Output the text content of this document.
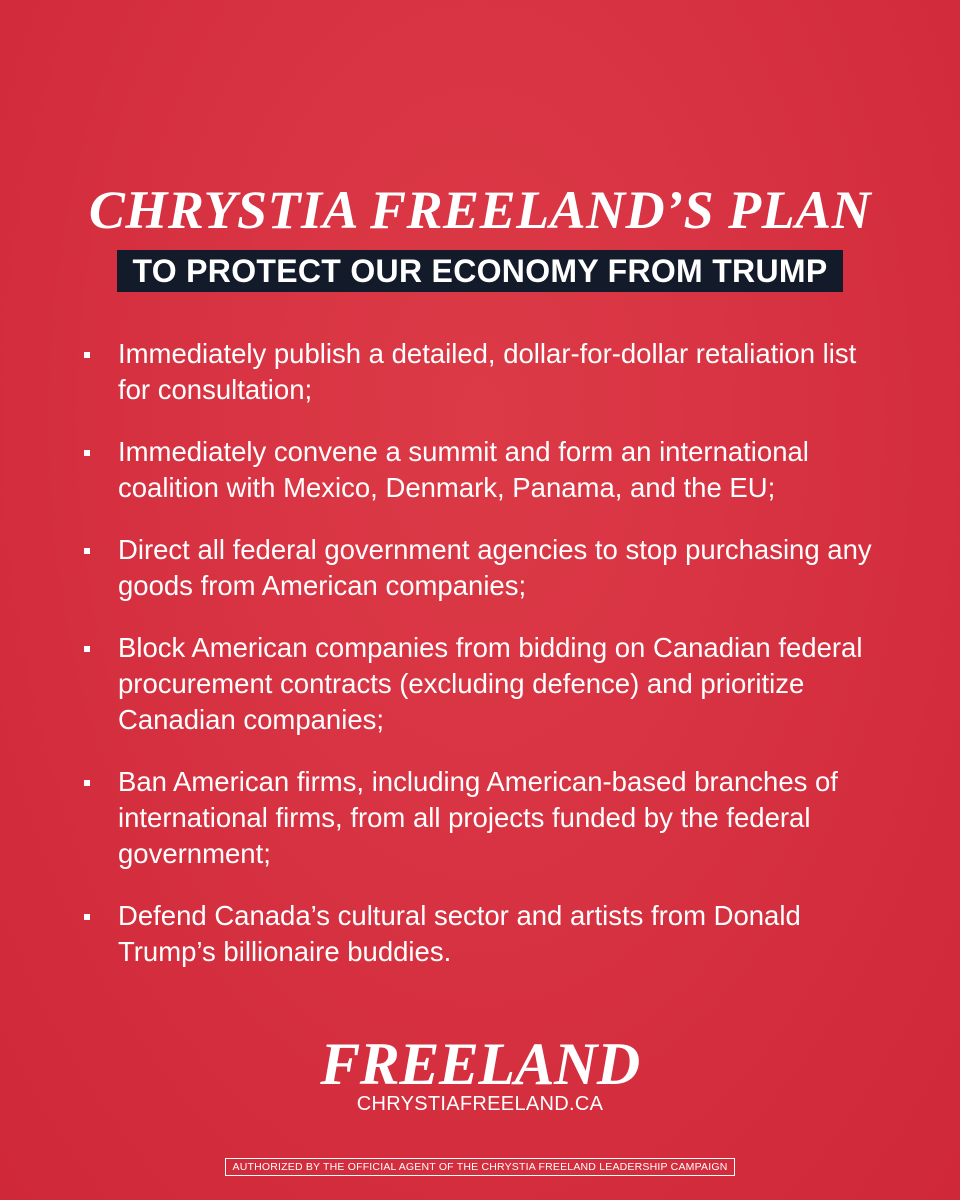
CHRYSTIA FREELAND’S PLAN
TO PROTECT OUR ECONOMY FROM TRUMP
Immediately publish a detailed, dollar-for-dollar retaliation list for consultation;
Immediately convene a summit and form an international coalition with Mexico, Denmark, Panama, and the EU;
Direct all federal government agencies to stop purchasing any goods from American companies;
Block American companies from bidding on Canadian federal procurement contracts (excluding defence) and prioritize Canadian companies;
Ban American firms, including American-based branches of international firms, from all projects funded by the federal government;
Defend Canada’s cultural sector and artists from Donald Trump’s billionaire buddies.
FREELAND
CHRYSTIAFREELAND.CA
AUTHORIZED BY THE OFFICIAL AGENT OF THE CHRYSTIA FREELAND LEADERSHIP CAMPAIGN
